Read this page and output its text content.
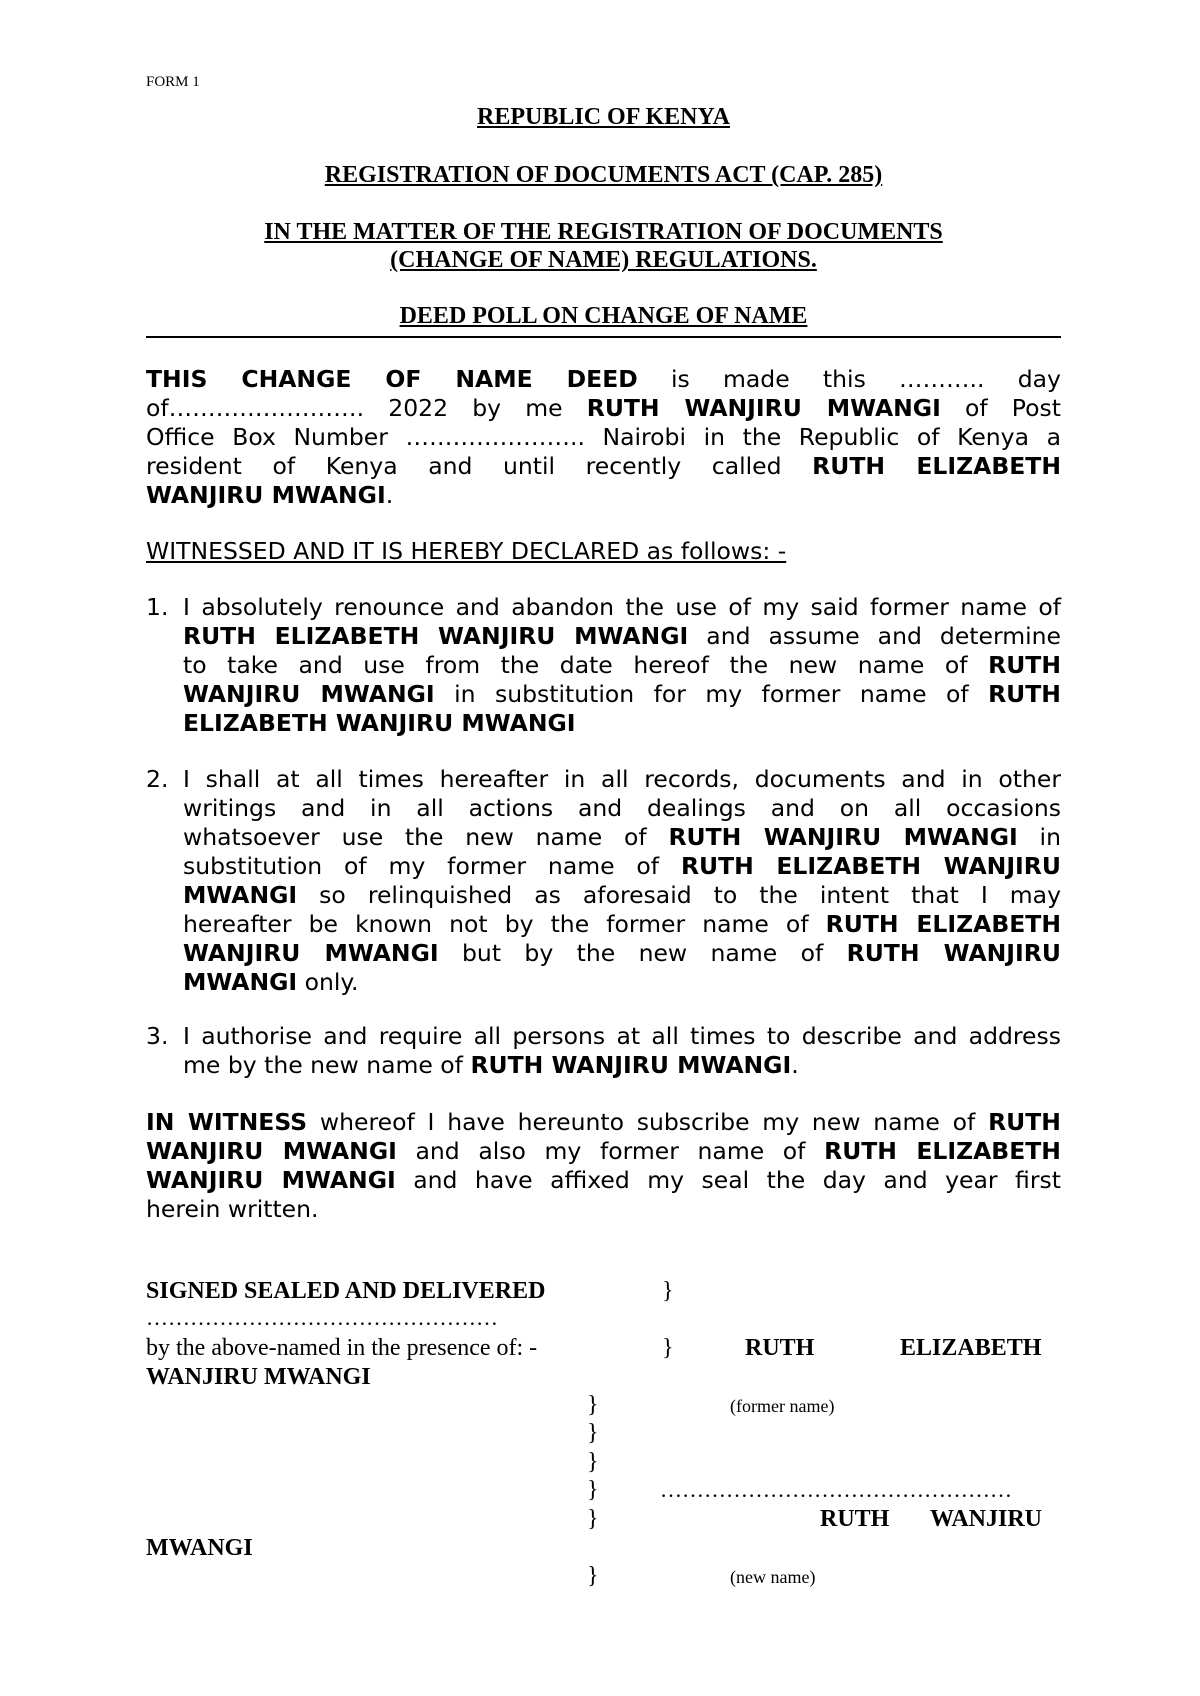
FORM 1
REPUBLIC OF KENYA
REGISTRATION OF DOCUMENTS ACT (CAP. 285)
IN THE MATTER OF THE REGISTRATION OF DOCUMENTS
(CHANGE OF NAME) REGULATIONS.
DEED POLL ON CHANGE OF NAME
THIS CHANGE OF NAME DEED is made this ……….. day
of……………………. 2022 by me RUTH WANJIRU MWANGI of Post
Office Box Number ………………….. Nairobi in the Republic of Kenya a
resident of Kenya and until recently called RUTH ELIZABETH
WANJIRU MWANGI.
WITNESSED AND IT IS HEREBY DECLARED as follows: -
1. I absolutely renounce and abandon the use of my said former name of
RUTH ELIZABETH WANJIRU MWANGI and assume and determine
to take and use from the date hereof the new name of RUTH
WANJIRU MWANGI in substitution for my former name of RUTH
ELIZABETH WANJIRU MWANGI
2. I shall at all times hereafter in all records, documents and in other
writings and in all actions and dealings and on all occasions
whatsoever use the new name of RUTH WANJIRU MWANGI in
substitution of my former name of RUTH ELIZABETH WANJIRU
MWANGI so relinquished as aforesaid to the intent that I may
hereafter be known not by the former name of RUTH ELIZABETH
WANJIRU MWANGI but by the new name of RUTH WANJIRU
MWANGI only.
3. I authorise and require all persons at all times to describe and address
me by the new name of RUTH WANJIRU MWANGI.
IN WITNESS whereof I have hereunto subscribe my new name of RUTH
WANJIRU MWANGI and also my former name of RUTH ELIZABETH
WANJIRU MWANGI and have affixed my seal the day and year first
herein written.
SIGNED SEALED AND DELIVERED	}
…………………………………………
by the above-named in the presence of: -	}	RUTH	ELIZABETH
WANJIRU MWANGI
}	(former name)
}
}
}	…………………………………………
}	RUTH WANJIRU
MWANGI
}	(new name)
